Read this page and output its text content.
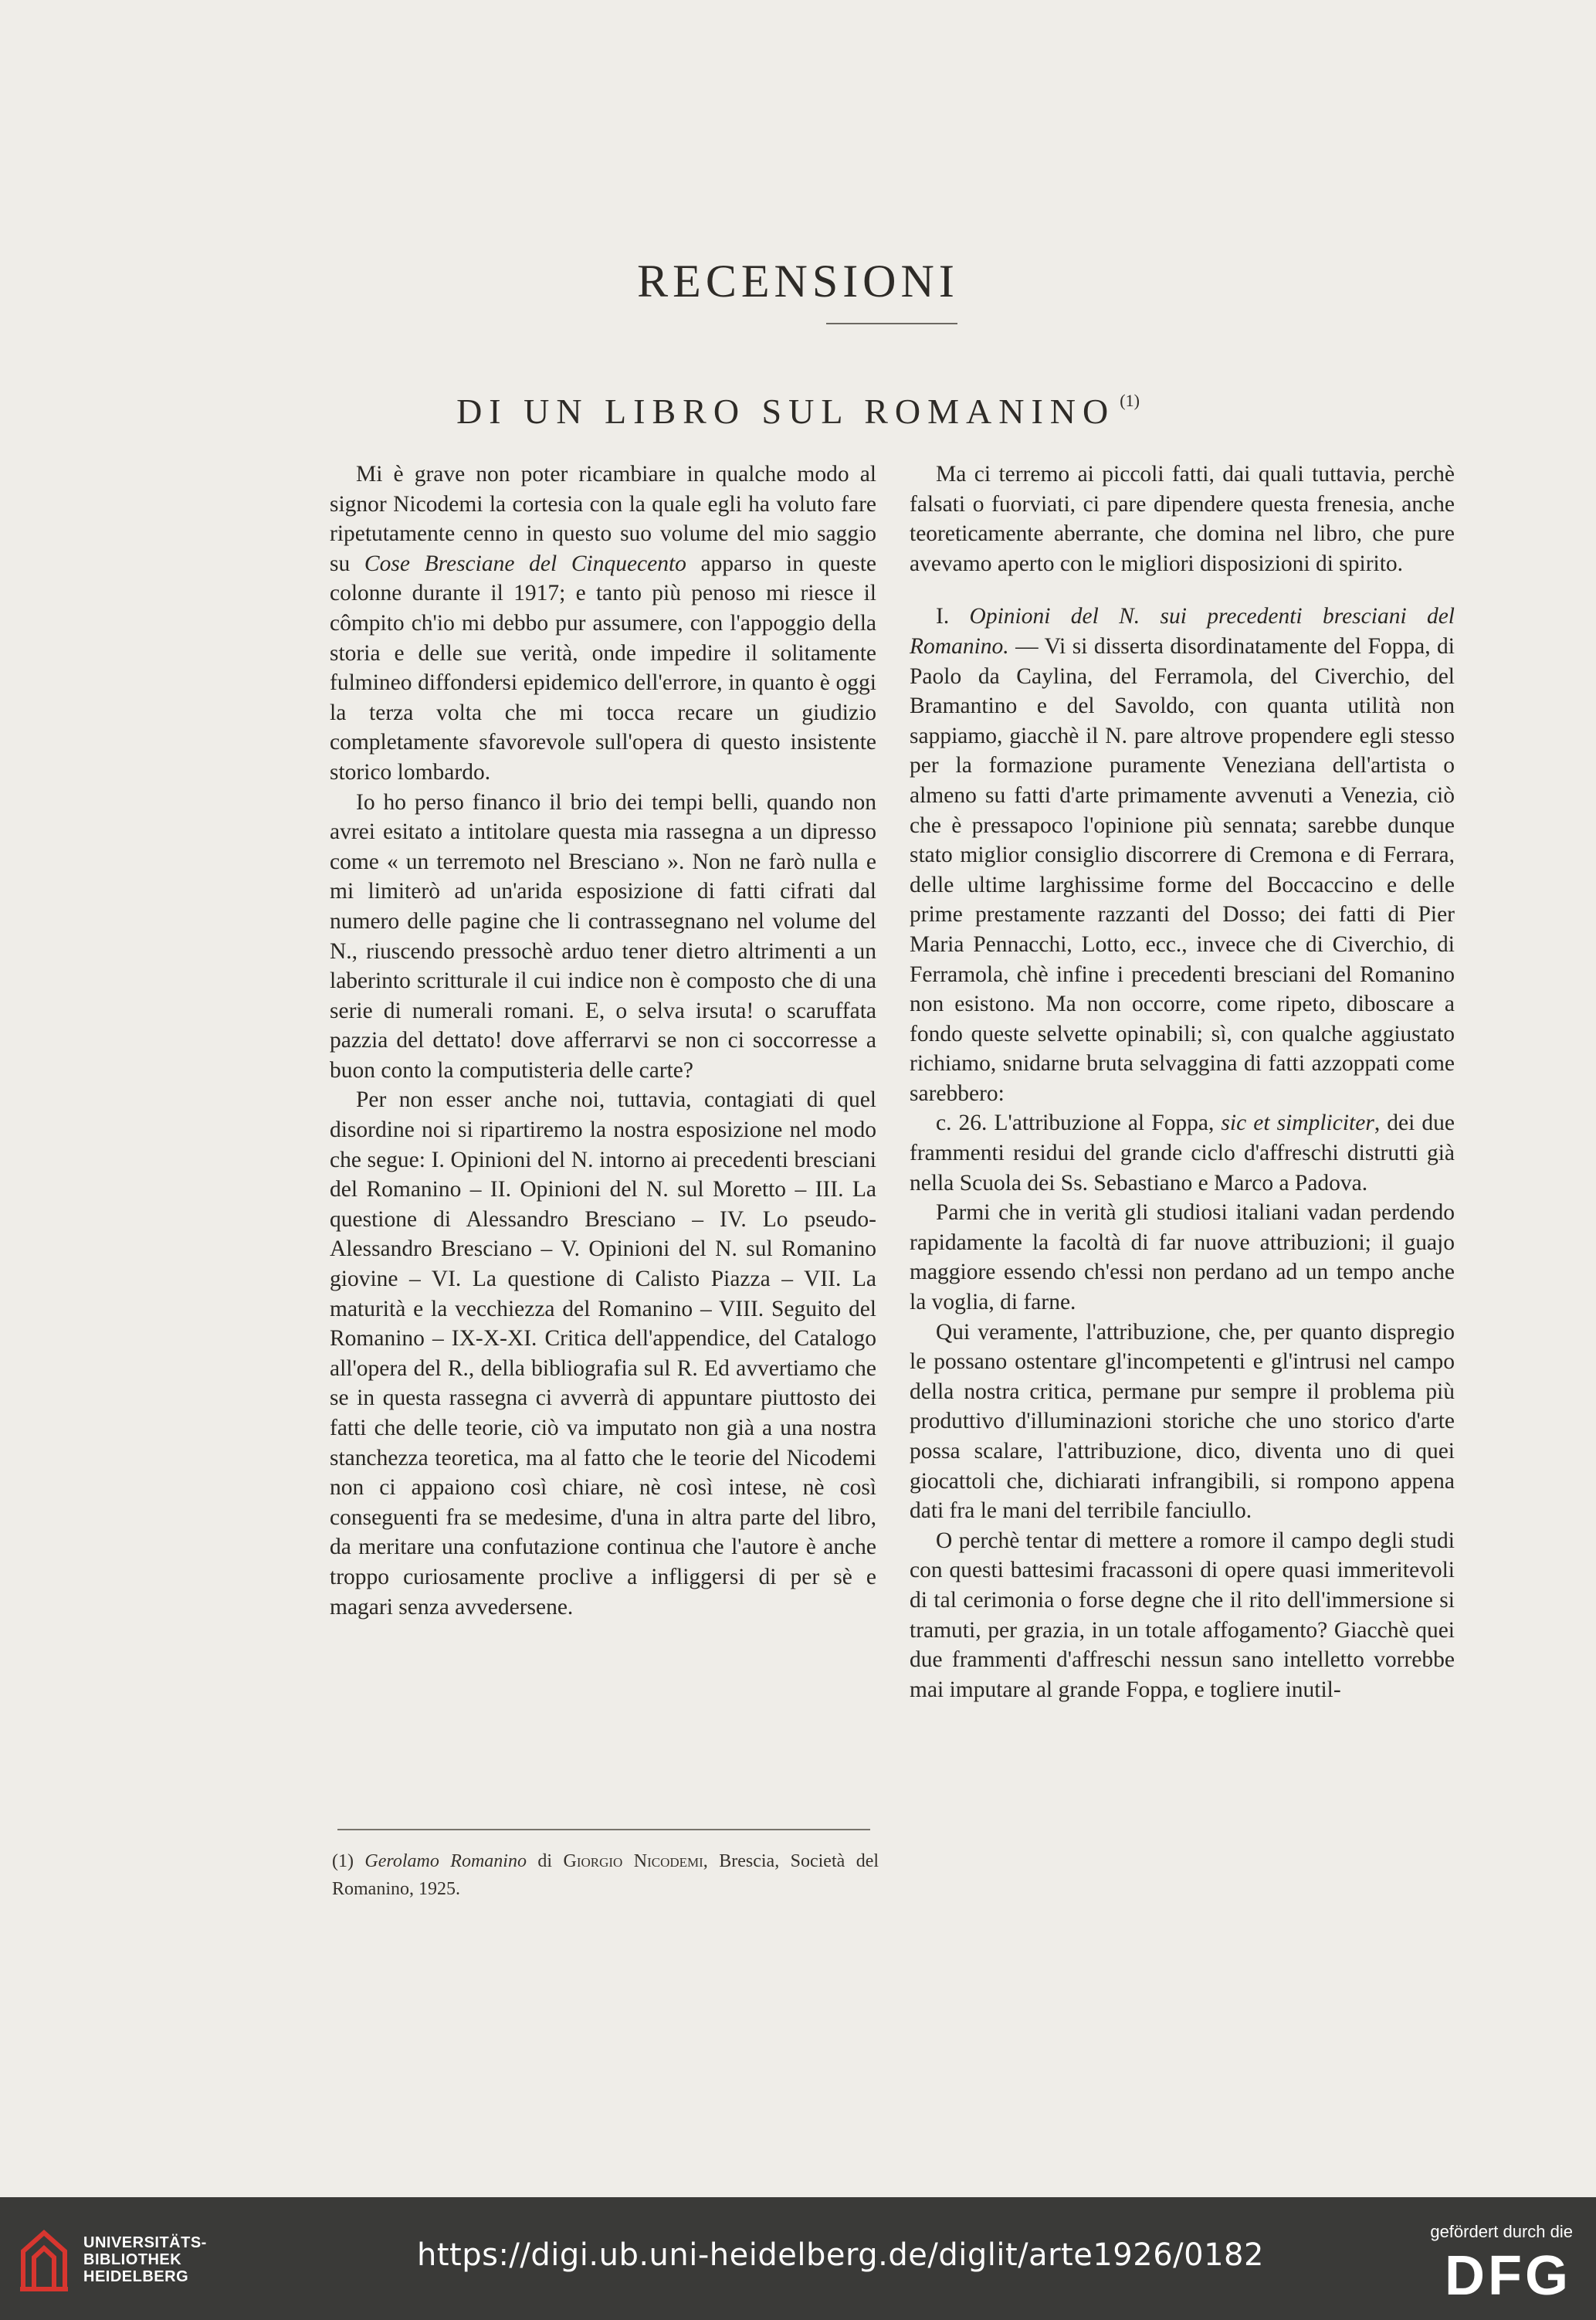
RECENSIONI
DI UN LIBRO SUL ROMANINO $^{(1)}$

Mi è grave non poter ricambiare in qualche modo al signor Nicodemi la cortesia con la quale egli ha voluto fare ripetutamente cenno in questo suo volume del mio saggio su Cose Bresciane del Cinquecento apparso in queste colonne durante il 1917; e tanto più penoso mi riesce il cômpito ch'io mi debbo pur assumere, con l'appoggio della storia e delle sue verità, onde impedire il solitamente fulmineo diffondersi epidemico dell'errore, in quanto è oggi la terza volta che mi tocca recare un giudizio completamente sfavorevole sull'opera di questo insistente storico lombardo.

Io ho perso financo il brio dei tempi belli, quando non avrei esitato a intitolare questa mia rassegna a un dipresso come « un terremoto nel Bresciano ». Non ne farò nulla e mi limiterò ad un'arida esposizione di fatti cifrati dal numero delle pagine che li contrassegnano nel volume del N., riuscendo pressochè arduo tener dietro altrimenti a un laberinto scritturale il cui indice non è composto che di una serie di numerali romani. E, o selva irsuta! o scaruffata pazzia del dettato! dove afferrarvi se non ci soccorresse a buon conto la computisteria delle carte?

Per non esser anche noi, tuttavia, contagiati di quel disordine noi si ripartiremo la nostra esposizione nel modo che segue: I. Opinioni del N. intorno ai precedenti bresciani del Romanino – II. Opinioni del N. sul Moretto – III. La questione di Alessandro Bresciano – IV. Lo pseudo-Alessandro Bresciano – V. Opinioni del N. sul Romanino giovine – VI. La questione di Calisto Piazza – VII. La maturità e la vecchiezza del Romanino – VIII. Seguito del Romanino – IX-X-XI. Critica dell'appendice, del Catalogo all'opera del R., della bibliografia sul R. Ed avvertiamo che se in questa rassegna ci avverrà di appuntare piuttosto dei fatti che delle teorie, ciò va imputato non già a una nostra stanchezza teoretica, ma al fatto che le teorie del Nicodemi non ci appaiono così chiare, nè così intese, nè così conseguenti fra se medesime, d'una in altra parte del libro, da meritare una confutazione continua che l'autore è anche troppo curiosamente proclive a infliggersi di per sè e magari senza avvedersene.

(1) Gerolamo Romanino di Giorgio Nicodemi, Brescia, Società del Romanino, 1925.

Ma ci terremo ai piccoli fatti, dai quali tuttavia, perchè falsati o fuorviati, ci pare dipendere questa frenesia, anche teoreticamente aberrante, che domina nel libro, che pure avevamo aperto con le migliori disposizioni di spirito.

I. Opinioni del N. sui precedenti bresciani del Romanino. — Vi si disserta disordinatamente del Foppa, di Paolo da Caylina, del Ferramola, del Civerchio, del Bramantino e del Savoldo, con quanta utilità non sappiamo, giacchè il N. pare altrove propendere egli stesso per la formazione puramente Veneziana dell'artista o almeno su fatti d'arte primamente avvenuti a Venezia, ciò che è pressapoco l'opinione più sennata; sarebbe dunque stato miglior consiglio discorrere di Cremona e di Ferrara, delle ultime larghissime forme del Boccaccino e delle prime prestamente razzanti del Dosso; dei fatti di Pier Maria Pennacchi, Lotto, ecc., invece che di Civerchio, di Ferramola, chè infine i precedenti bresciani del Romanino non esistono. Ma non occorre, come ripeto, diboscare a fondo queste selvette opinabili; sì, con qualche aggiustato richiamo, snidarne bruta selvaggina di fatti azzoppati come sarebbero:

c. 26. L'attribuzione al Foppa, sic et simpliciter, dei due frammenti residui del grande ciclo d'affreschi distrutti già nella Scuola dei Ss. Sebastiano e Marco a Padova.

Parmi che in verità gli studiosi italiani vadan perdendo rapidamente la facoltà di far nuove attribuzioni; il guajo maggiore essendo ch'essi non perdano ad un tempo anche la voglia, di farne.

Qui veramente, l'attribuzione, che, per quanto dispregio le possano ostentare gl'incompetenti e gl'intrusi nel campo della nostra critica, permane pur sempre il problema più produttivo d'illuminazioni storiche che uno storico d'arte possa scalare, l'attribuzione, dico, diventa uno di quei giocattoli che, dichiarati infrangibili, si rompono appena dati fra le mani del terribile fanciullo.

O perchè tentar di mettere a romore il campo degli studi con questi battesimi fracassoni di opere quasi immeritevoli di tal cerimonia o forse degne che il rito dell'immersione si tramuti, per grazia, in un totale affogamento? Giacchè quei due frammenti d'affreschi nessun sano intelletto vorrebbe mai imputare al grande Foppa, e togliere inutil-

UNIVERSITÄTS-
BIBLIOTHEK
HEIDELBERG
https://digi.ub.uni-heidelberg.de/diglit/arte1926/0182
gefördert durch die
DFG
